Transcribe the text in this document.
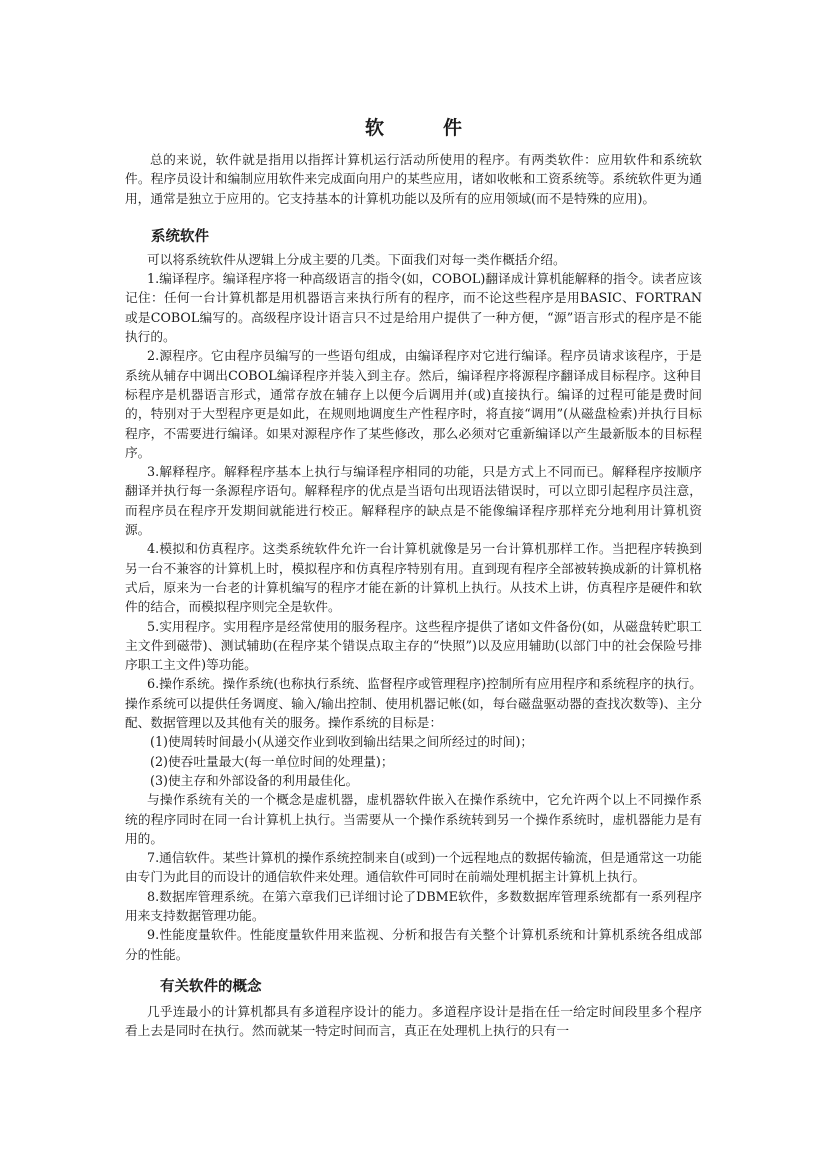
软　件

总的来说，软件就是指用以指挥计算机运行活动所使用的程序。有两类软件：应用软件和系统软件。程序员设计和编制应用软件来完成面向用户的某些应用，诸如收帐和工资系统等。系统软件更为通用，通常是独立于应用的。它支持基本的计算机功能以及所有的应用领域(而不是特殊的应用)。

系统软件

可以将系统软件从逻辑上分成主要的几类。下面我们对每一类作概括介绍。

1.编译程序。编译程序将一种高级语言的指令(如，COBOL)翻译成计算机能解释的指令。读者应该记住：任何一台计算机都是用机器语言来执行所有的程序，而不论这些程序是用BASIC、FORTRAN或是COBOL编写的。高级程序设计语言只不过是给用户提供了一种方便，“源”语言形式的程序是不能执行的。

2.源程序。它由程序员编写的一些语句组成，由编译程序对它进行编译。程序员请求该程序，于是系统从辅存中调出COBOL编译程序并装入到主存。然后，编译程序将源程序翻译成目标程序。这种目标程序是机器语言形式，通常存放在辅存上以便今后调用并(或)直接执行。编译的过程可能是费时间的，特别对于大型程序更是如此，在规则地调度生产性程序时，将直接“调用”(从磁盘检索)并执行目标程序，不需要进行编译。如果对源程序作了某些修改，那么必须对它重新编译以产生最新版本的目标程序。

3.解释程序。解释程序基本上执行与编译程序相同的功能，只是方式上不同而已。解释程序按顺序翻译并执行每一条源程序语句。解释程序的优点是当语句出现语法错误时，可以立即引起程序员注意，而程序员在程序开发期间就能进行校正。解释程序的缺点是不能像编译程序那样充分地利用计算机资源。

4.模拟和仿真程序。这类系统软件允许一台计算机就像是另一台计算机那样工作。当把程序转换到另一台不兼容的计算机上时，模拟程序和仿真程序特别有用。直到现有程序全部被转换成新的计算机格式后，原来为一台老的计算机编写的程序才能在新的计算机上执行。从技术上讲，仿真程序是硬件和软件的结合，而模拟程序则完全是软件。

5.实用程序。实用程序是经常使用的服务程序。这些程序提供了诸如文件备份(如，从磁盘转贮职工主文件到磁带)、测试辅助(在程序某个错误点取主存的“快照”)以及应用辅助(以部门中的社会保险号排序职工主文件)等功能。

6.操作系统。操作系统(也称执行系统、监督程序或管理程序)控制所有应用程序和系统程序的执行。操作系统可以提供任务调度、输入/输出控制、使用机器记帐(如，每台磁盘驱动器的查找次数等)、主分配、数据管理以及其他有关的服务。操作系统的目标是：

(1)使周转时间最小(从递交作业到收到输出结果之间所经过的时间)；

(2)使吞吐量最大(每一单位时间的处理量)；

(3)使主存和外部设备的利用最佳化。

与操作系统有关的一个概念是虚机器，虚机器软件嵌入在操作系统中，它允许两个以上不同操作系统的程序同时在同一台计算机上执行。当需要从一个操作系统转到另一个操作系统时，虚机器能力是有用的。

7.通信软件。某些计算机的操作系统控制来自(或到)一个远程地点的数据传输流，但是通常这一功能由专门为此目的而设计的通信软件来处理。通信软件可同时在前端处理机据主计算机上执行。

8.数据库管理系统。在第六章我们已详细讨论了DBME软件，多数数据库管理系统都有一系列程序用来支持数据管理功能。

9.性能度量软件。性能度量软件用来监视、分析和报告有关整个计算机系统和计算机系统各组成部分的性能。

有关软件的概念

几乎连最小的计算机都具有多道程序设计的能力。多道程序设计是指在任一给定时间段里多个程序看上去是同时在执行。然而就某一特定时间而言，真正在处理机上执行的只有一
